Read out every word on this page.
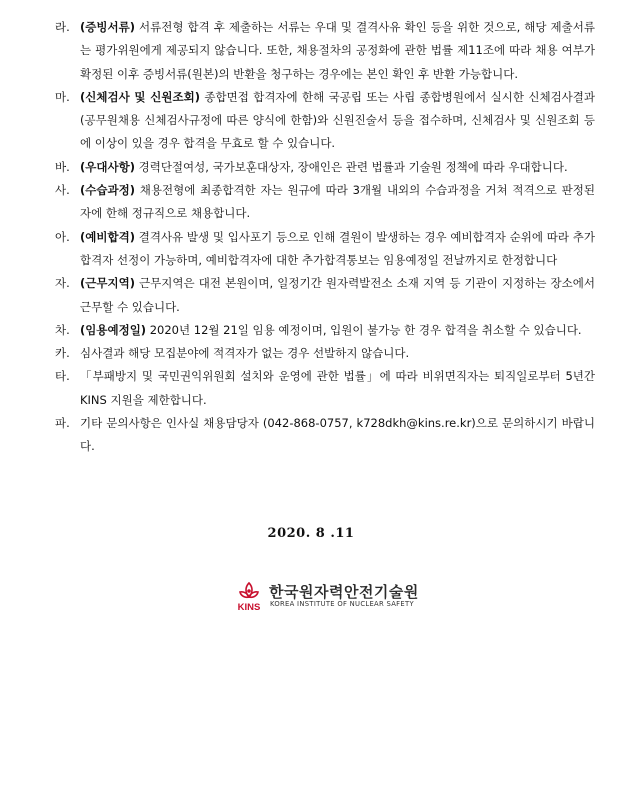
라. (증빙서류) 서류전형 합격 후 제출하는 서류는 우대 및 결격사유 확인 등을 위한 것으로, 해당 제출서류는 평가위원에게 제공되지 않습니다. 또한, 채용절차의 공정화에 관한 법률 제11조에 따라 채용 여부가 확정된 이후 증빙서류(원본)의 반환을 청구하는 경우에는 본인 확인 후 반환 가능합니다.
마. (신체검사 및 신원조회) 종합면접 합격자에 한해 국공립 또는 사립 종합병원에서 실시한 신체검사결과(공무원채용 신체검사규정에 따른 양식에 한함)와 신원진술서 등을 접수하며, 신체검사 및 신원조회 등에 이상이 있을 경우 합격을 무효로 할 수 있습니다.
바. (우대사항) 경력단절여성, 국가보훈대상자, 장애인은 관련 법률과 기술원 정책에 따라 우대합니다.
사. (수습과정) 채용전형에 최종합격한 자는 원규에 따라 3개월 내외의 수습과정을 거쳐 적격으로 판정된 자에 한해 정규직으로 채용합니다.
아. (예비합격) 결격사유 발생 및 입사포기 등으로 인해 결원이 발생하는 경우 예비합격자 순위에 따라 추가합격자 선정이 가능하며, 예비합격자에 대한 추가합격통보는 임용예정일 전날까지로 한정합니다
자. (근무지역) 근무지역은 대전 본원이며, 일정기간 원자력발전소 소재 지역 등 기관이 지정하는 장소에서 근무할 수 있습니다.
차. (임용예정일) 2020년 12월 21일 임용 예정이며, 입원이 불가능 한 경우 합격을 취소할 수 있습니다.
카. 심사결과 해당 모집분야에 적격자가 없는 경우 선발하지 않습니다.
타. 「부패방지 및 국민권익위원회 설치와 운영에 관한 법률」에 따라 비위면직자는 퇴직일로부터 5년간 KINS 지원을 제한합니다.
파. 기타 문의사항은 인사실 채용담당자 (042-868-0757, k728dkh@kins.re.kr)으로 문의하시기 바랍니다.
2020. 8 .11
KINS
한국원자력안전기술원
KOREA INSTITUTE OF NUCLEAR SAFETY
